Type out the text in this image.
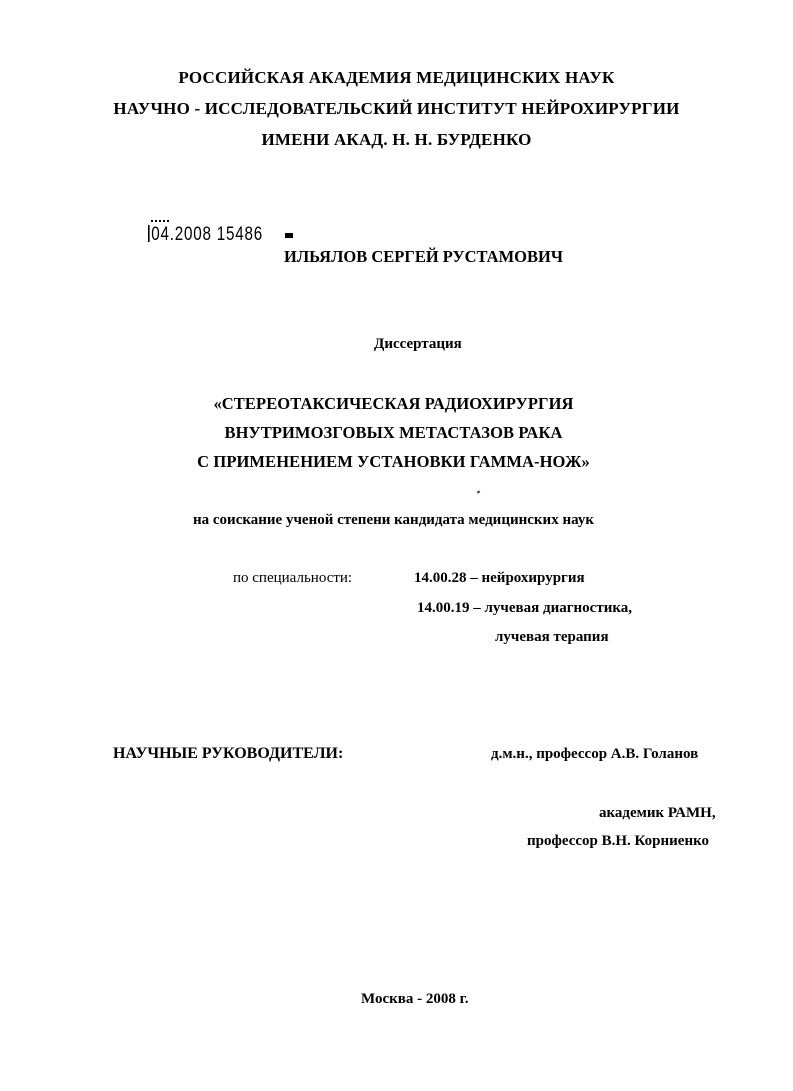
РОССИЙСКАЯ АКАДЕМИЯ МЕДИЦИНСКИХ НАУК
НАУЧНО - ИССЛЕДОВАТЕЛЬСКИЙ ИНСТИТУТ НЕЙРОХИРУРГИИ
ИМЕНИ АКАД. Н. Н. БУРДЕНКО
04.2008 15486
ИЛЬЯЛОВ СЕРГЕЙ РУСТАМОВИЧ
Диссертация
«СТЕРЕОТАКСИЧЕСКАЯ РАДИОХИРУРГИЯ
ВНУТРИМОЗГОВЫХ МЕТАСТАЗОВ РАКА
С ПРИМЕНЕНИЕМ УСТАНОВКИ ГАММА-НОЖ»
на соискание ученой степени кандидата медицинских наук
по специальности:	14.00.28 – нейрохирургия
14.00.19 – лучевая диагностика,
лучевая терапия
НАУЧНЫЕ РУКОВОДИТЕЛИ:	д.м.н., профессор А.В. Голанов
академик РАМН,
профессор В.Н. Корниенко
Москва - 2008 г.
